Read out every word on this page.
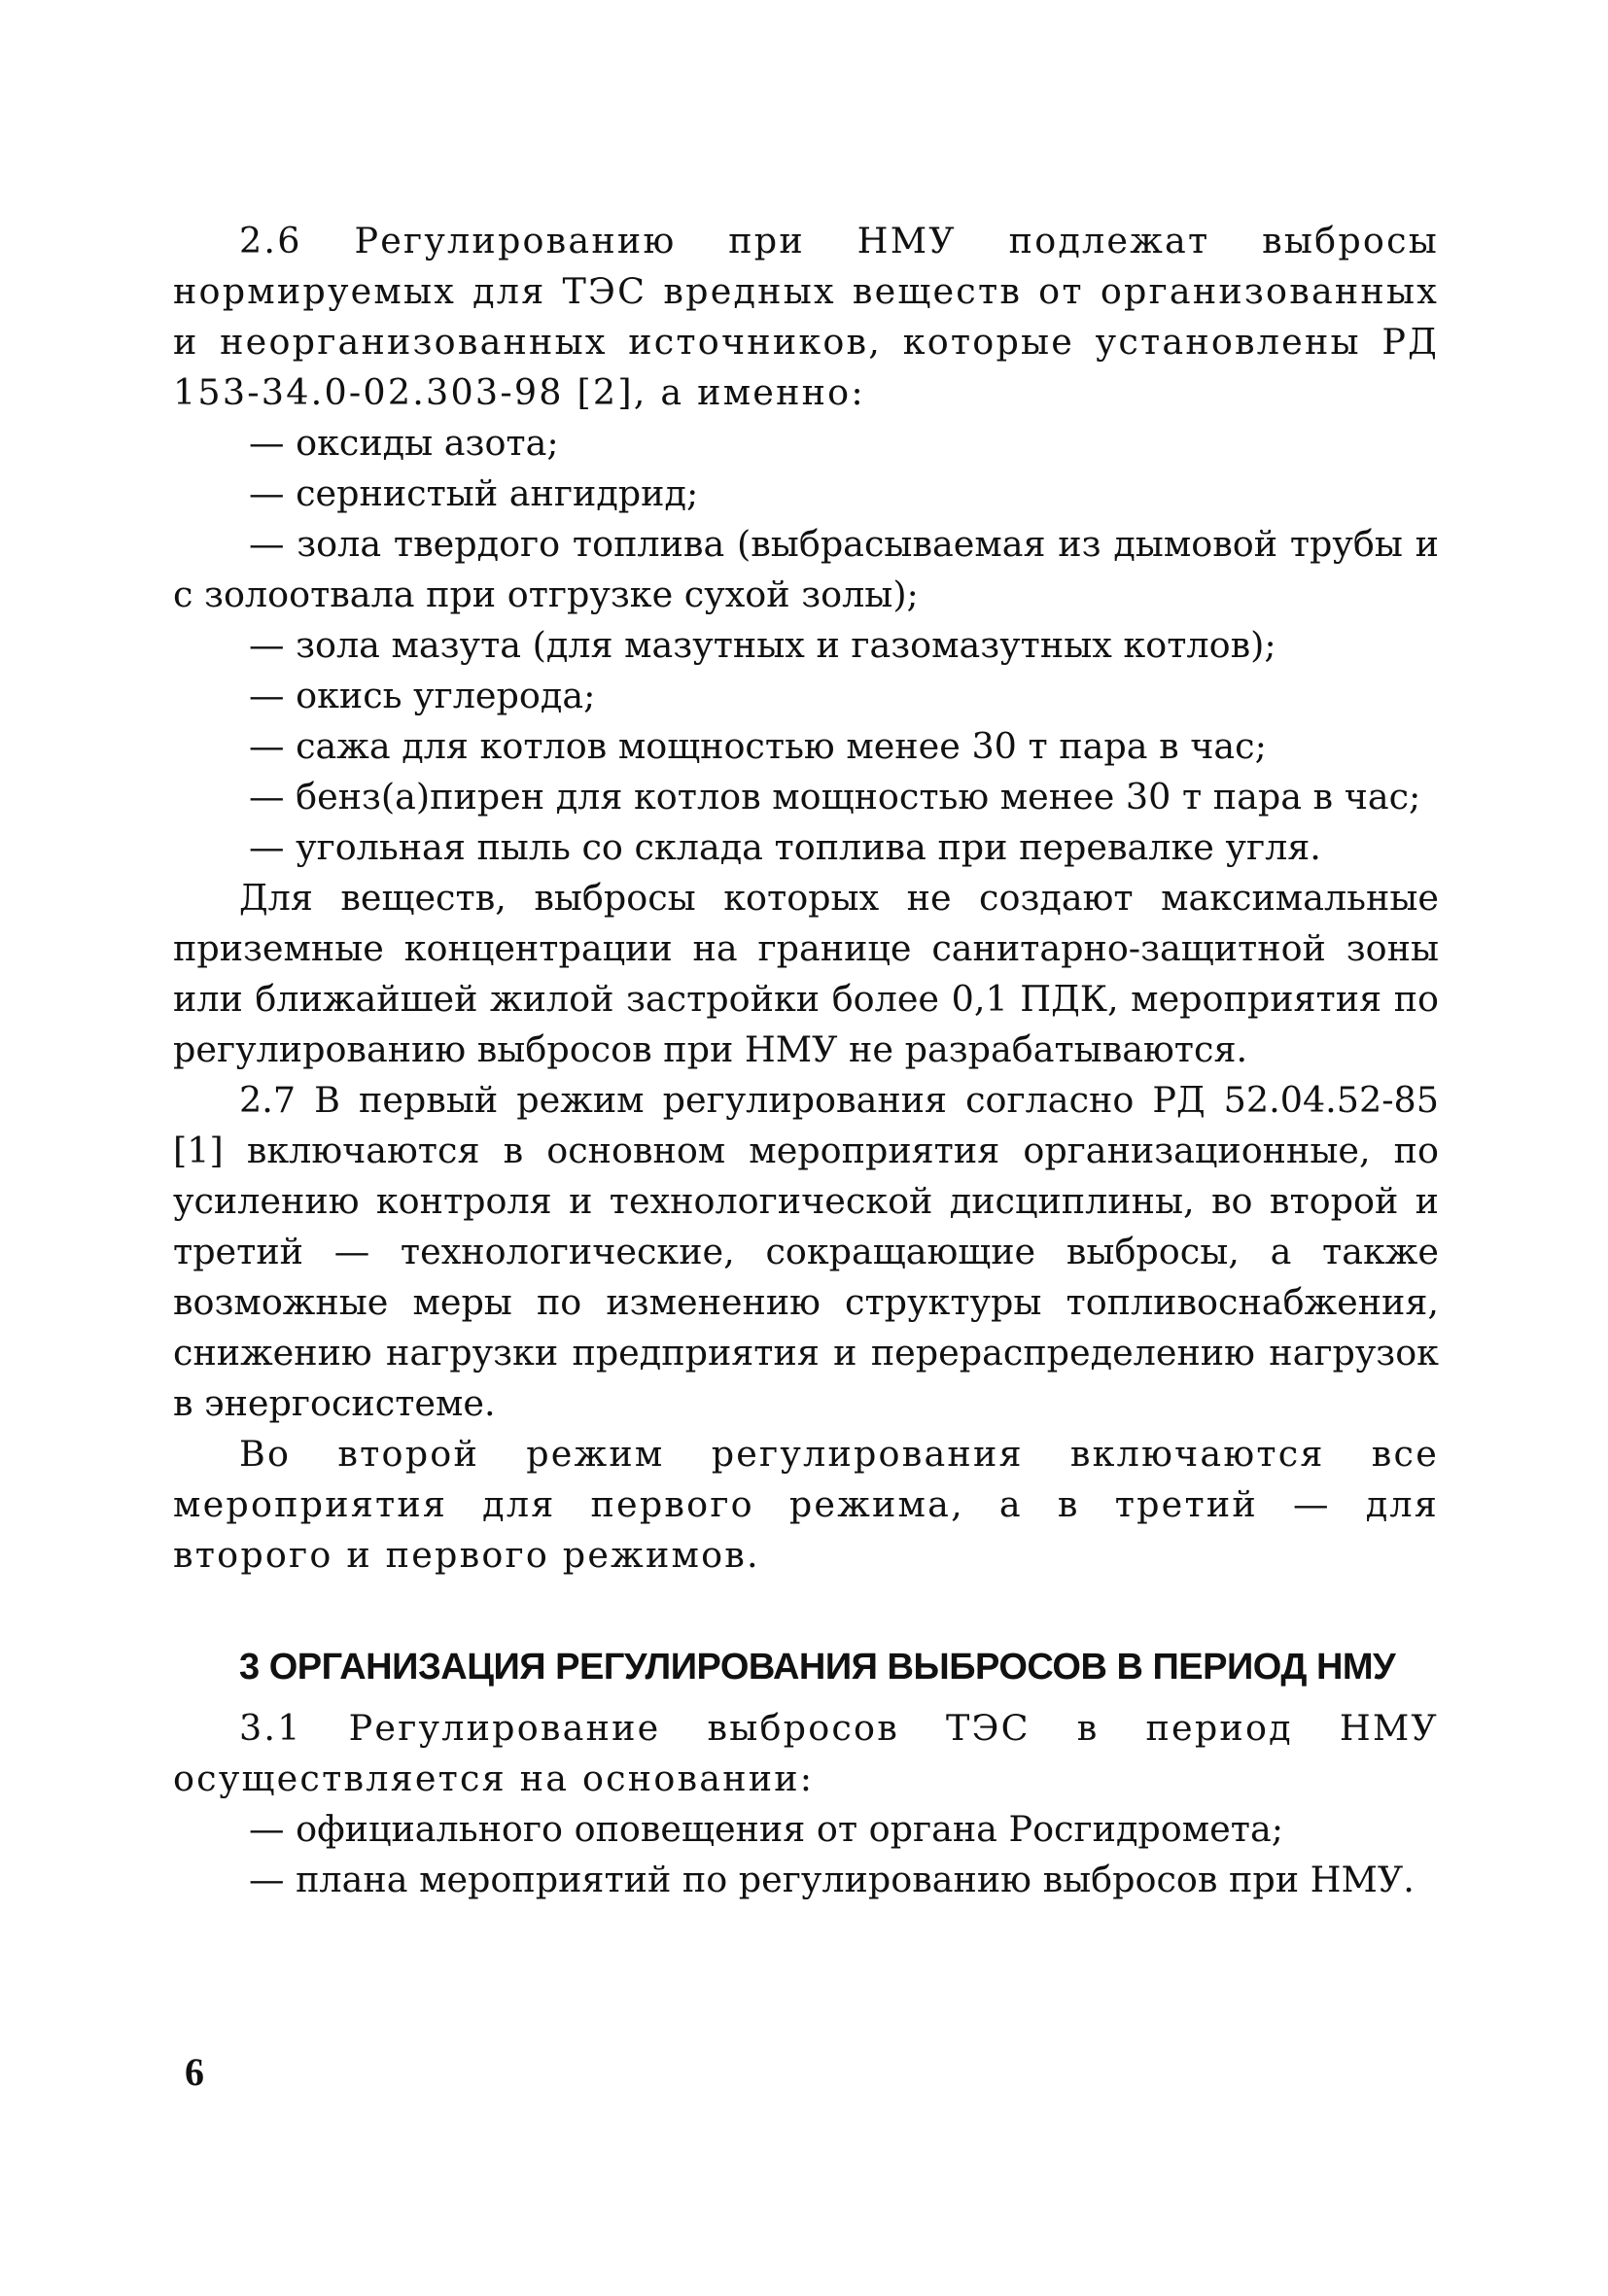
2.6 Регулированию при НМУ подлежат выбросы нормируемых для ТЭС вредных веществ от организованных и неорганизованных источников, которые установлены РД 153-34.0-02.303-98 [2], а именно:

— оксиды азота;

— сернистый ангидрид;

— зола твердого топлива (выбрасываемая из дымовой трубы и с золоотвала при отгрузке сухой золы);

— зола мазута (для мазутных и газомазутных котлов);

— окись углерода;

— сажа для котлов мощностью менее 30 т пара в час;

— бенз(а)пирен для котлов мощностью менее 30 т пара в час;

— угольная пыль со склада топлива при перевалке угля.

Для веществ, выбросы которых не создают максимальные приземные концентрации на границе санитарно-защитной зоны или ближайшей жилой застройки более 0,1 ПДК, мероприятия по регулированию выбросов при НМУ не разрабатываются.

2.7 В первый режим регулирования согласно РД 52.04.52-85 [1] включаются в основном мероприятия организационные, по усилению контроля и технологической дисциплины, во второй и третий — технологические, сокращающие выбросы, а также возможные меры по изменению структуры топливоснабжения, снижению нагрузки предприятия и перераспределению нагрузок в энергосистеме.

Во второй режим регулирования включаются все мероприятия для первого режима, а в третий — для второго и первого режимов.

3 ОРГАНИЗАЦИЯ РЕГУЛИРОВАНИЯ ВЫБРОСОВ В ПЕРИОД НМУ

3.1 Регулирование выбросов ТЭС в период НМУ осуществляется на основании:

— официального оповещения от органа Росгидромета;

— плана мероприятий по регулированию выбросов при НМУ.

6
